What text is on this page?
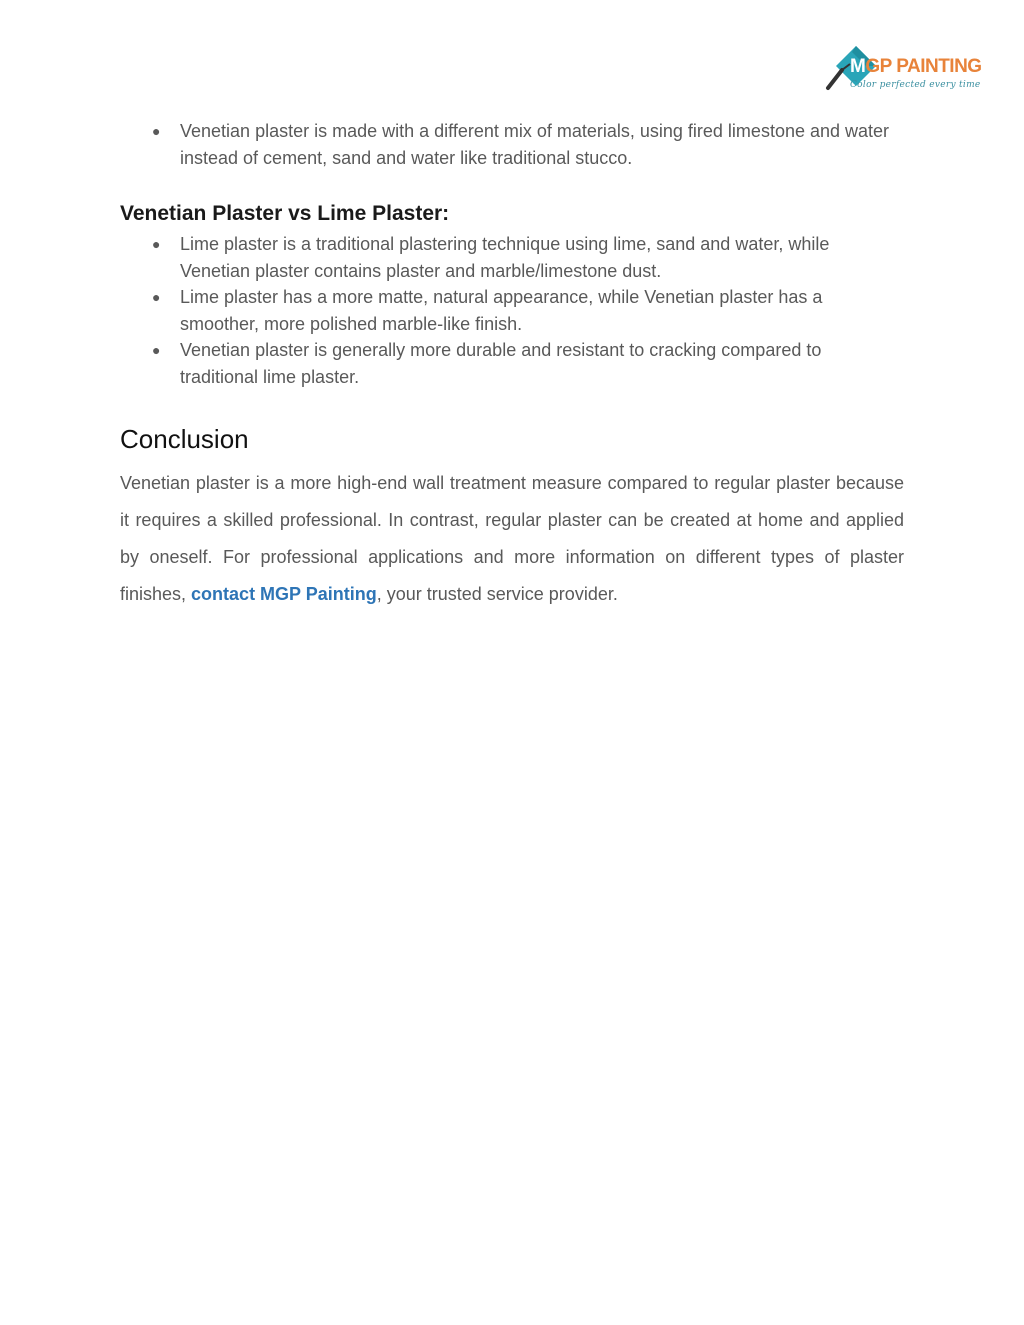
MGP PAINTING
Color perfected every time
● Venetian plaster is made with a different mix of materials, using fired limestone and water instead of cement, sand and water like traditional stucco.
Venetian Plaster vs Lime Plaster:
● Lime plaster is a traditional plastering technique using lime, sand and water, while Venetian plaster contains plaster and marble/limestone dust.
● Lime plaster has a more matte, natural appearance, while Venetian plaster has a smoother, more polished marble-like finish.
● Venetian plaster is generally more durable and resistant to cracking compared to traditional lime plaster.
Conclusion

Venetian plaster is a more high-end wall treatment measure compared to regular plaster because it requires a skilled professional. In contrast, regular plaster can be created at home and applied by oneself. For professional applications and more information on different types of plaster finishes, contact MGP Painting, your trusted service provider.
